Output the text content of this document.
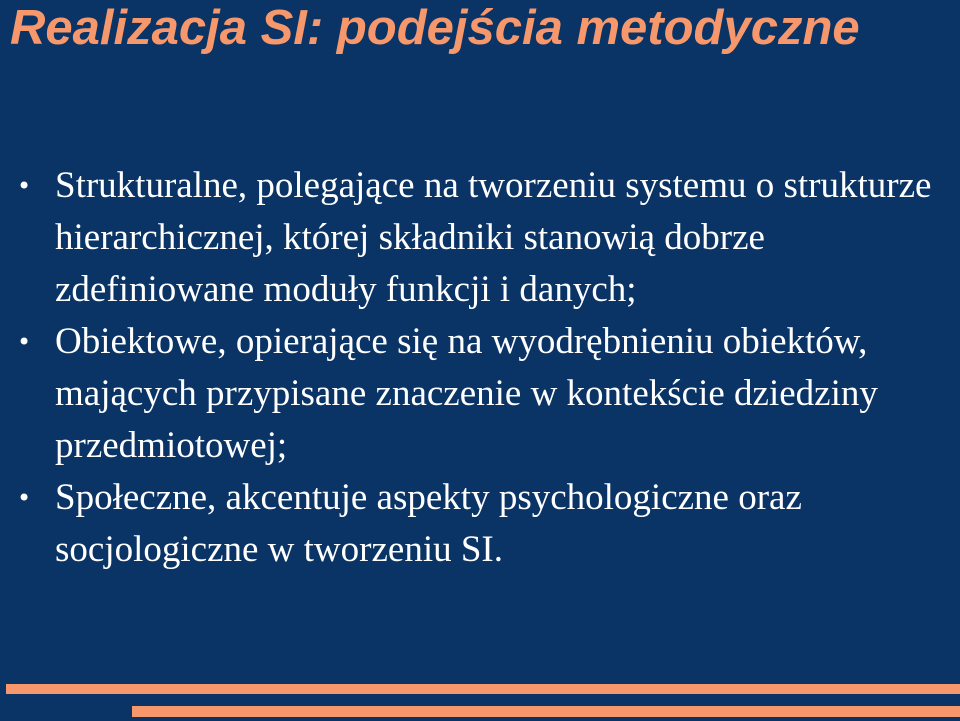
Realizacja SI: podejścia metodyczne
• Strukturalne, polegające na tworzeniu systemu o strukturze hierarchicznej, której składniki stanowią dobrze zdefiniowane moduły funkcji i danych;
• Obiektowe, opierające się na wyodrębnieniu obiektów, mających przypisane znaczenie w kontekście dziedziny przedmiotowej;
• Społeczne, akcentuje aspekty psychologiczne oraz socjologiczne w tworzeniu SI.
